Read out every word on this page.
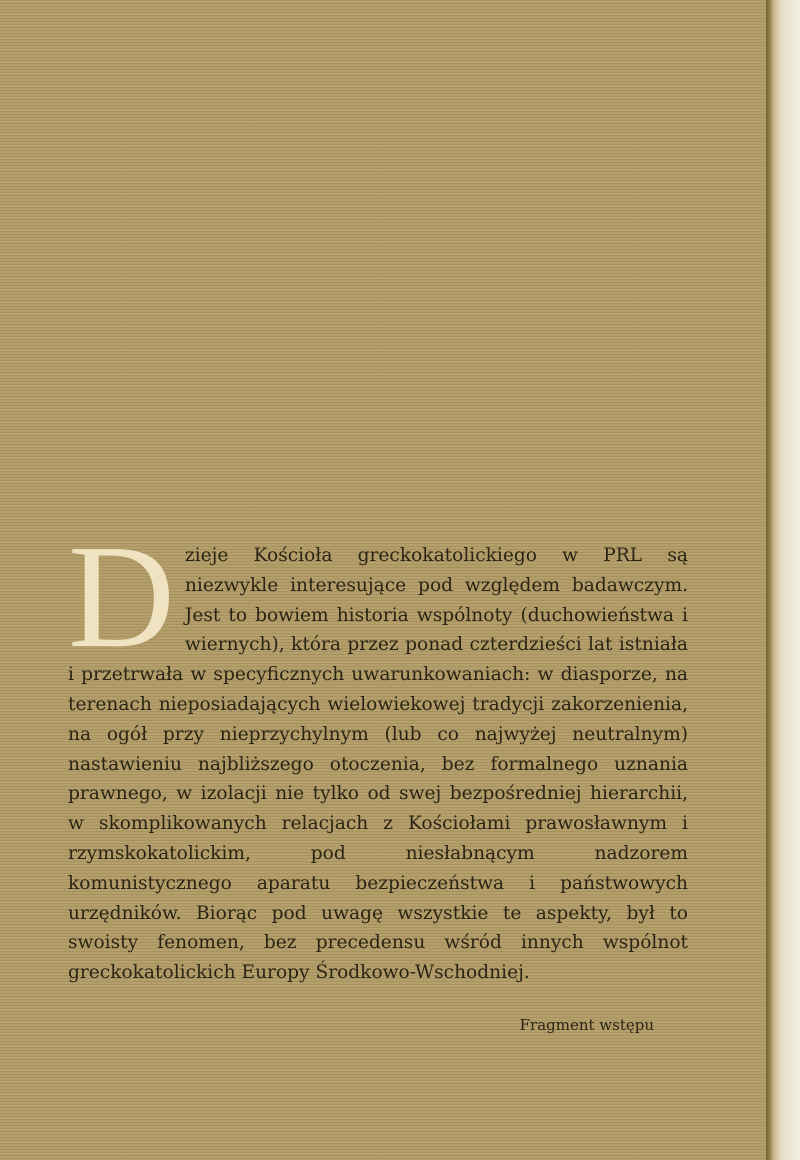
Dzieje Kościoła greckokatolickiego w PRL są niezwykle interesujące pod względem badawczym. Jest to bowiem historia wspólnoty (duchowieństwa i wiernych), która przez ponad czterdzieści lat istniała i przetrwała w specyficznych uwarunkowaniach: w diasporze, na terenach nieposiadających wielowiekowej tradycji zakorzenienia, na ogół przy nieprzychylnym (lub co najwyżej neutralnym) nastawieniu najbliższego otoczenia, bez formalnego uznania prawnego, w izolacji nie tylko od swej bezpośredniej hierarchii, w skomplikowanych relacjach z Kościołami prawosławnym i rzymskokatolickim, pod niesłabnącym nadzorem komunistycznego aparatu bezpieczeństwa i państwowych urzędników. Biorąc pod uwagę wszystkie te aspekty, był to swoisty fenomen, bez precedensu wśród innych wspólnot greckokatolickich Europy Środkowo-Wschodniej.
Fragment wstępu
